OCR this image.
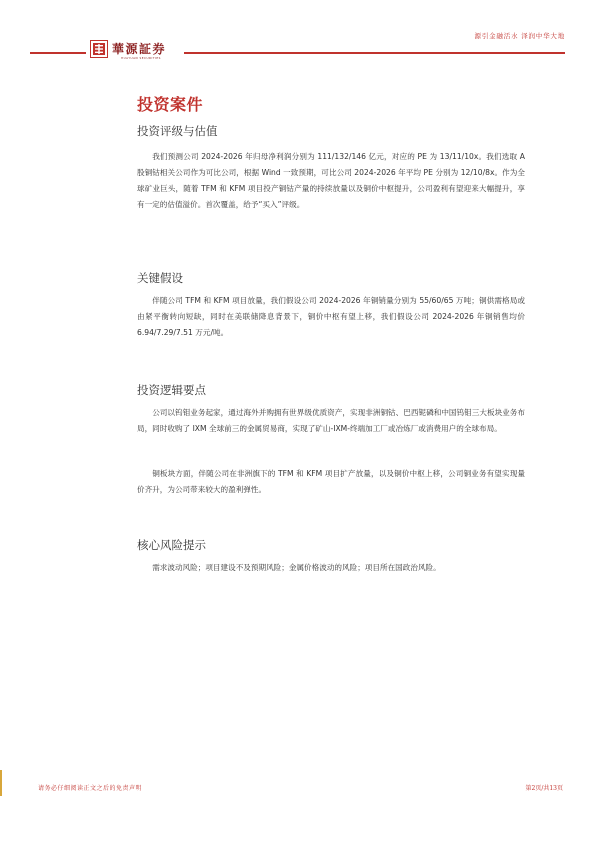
源引金融活水 泽润中华大地
華源証券
HUAYUAN SECURITIES
投资案件
投资评级与估值
我们预测公司 2024-2026 年归母净利润分别为 111/132/146 亿元，对应的 PE 为 13/11/10x。我们选取 A 股铜钴相关公司作为可比公司，根据 Wind 一致预期，可比公司 2024-2026 年平均 PE 分别为 12/10/8x。作为全球矿业巨头，随着 TFM 和 KFM 项目投产铜钴产量的持续放量以及铜价中枢提升，公司盈利有望迎来大幅提升，享有一定的估值溢价。首次覆盖，给予“买入”评级。
关键假设
伴随公司 TFM 和 KFM 项目放量，我们假设公司 2024-2026 年铜销量分别为 55/60/65 万吨；铜供需格局或由紧平衡转向短缺，同时在美联储降息背景下，铜价中枢有望上移，我们假设公司 2024-2026 年铜销售均价 6.94/7.29/7.51 万元/吨。
投资逻辑要点
公司以钨钼业务起家，通过海外并购拥有世界级优质资产，实现非洲铜钴、巴西铌磷和中国钨钼三大板块业务布局，同时收购了 IXM 全球前三的金属贸易商，实现了矿山-IXM-终端加工厂或冶炼厂或消费用户的全球布局。
铜板块方面，伴随公司在非洲旗下的 TFM 和 KFM 项目扩产放量，以及铜价中枢上移，公司铜业务有望实现量价齐升，为公司带来较大的盈利弹性。
核心风险提示
需求波动风险；项目建设不及预期风险；金属价格波动的风险；项目所在国政治风险。
请务必仔细阅读正文之后的免责声明	第2页/共13页
